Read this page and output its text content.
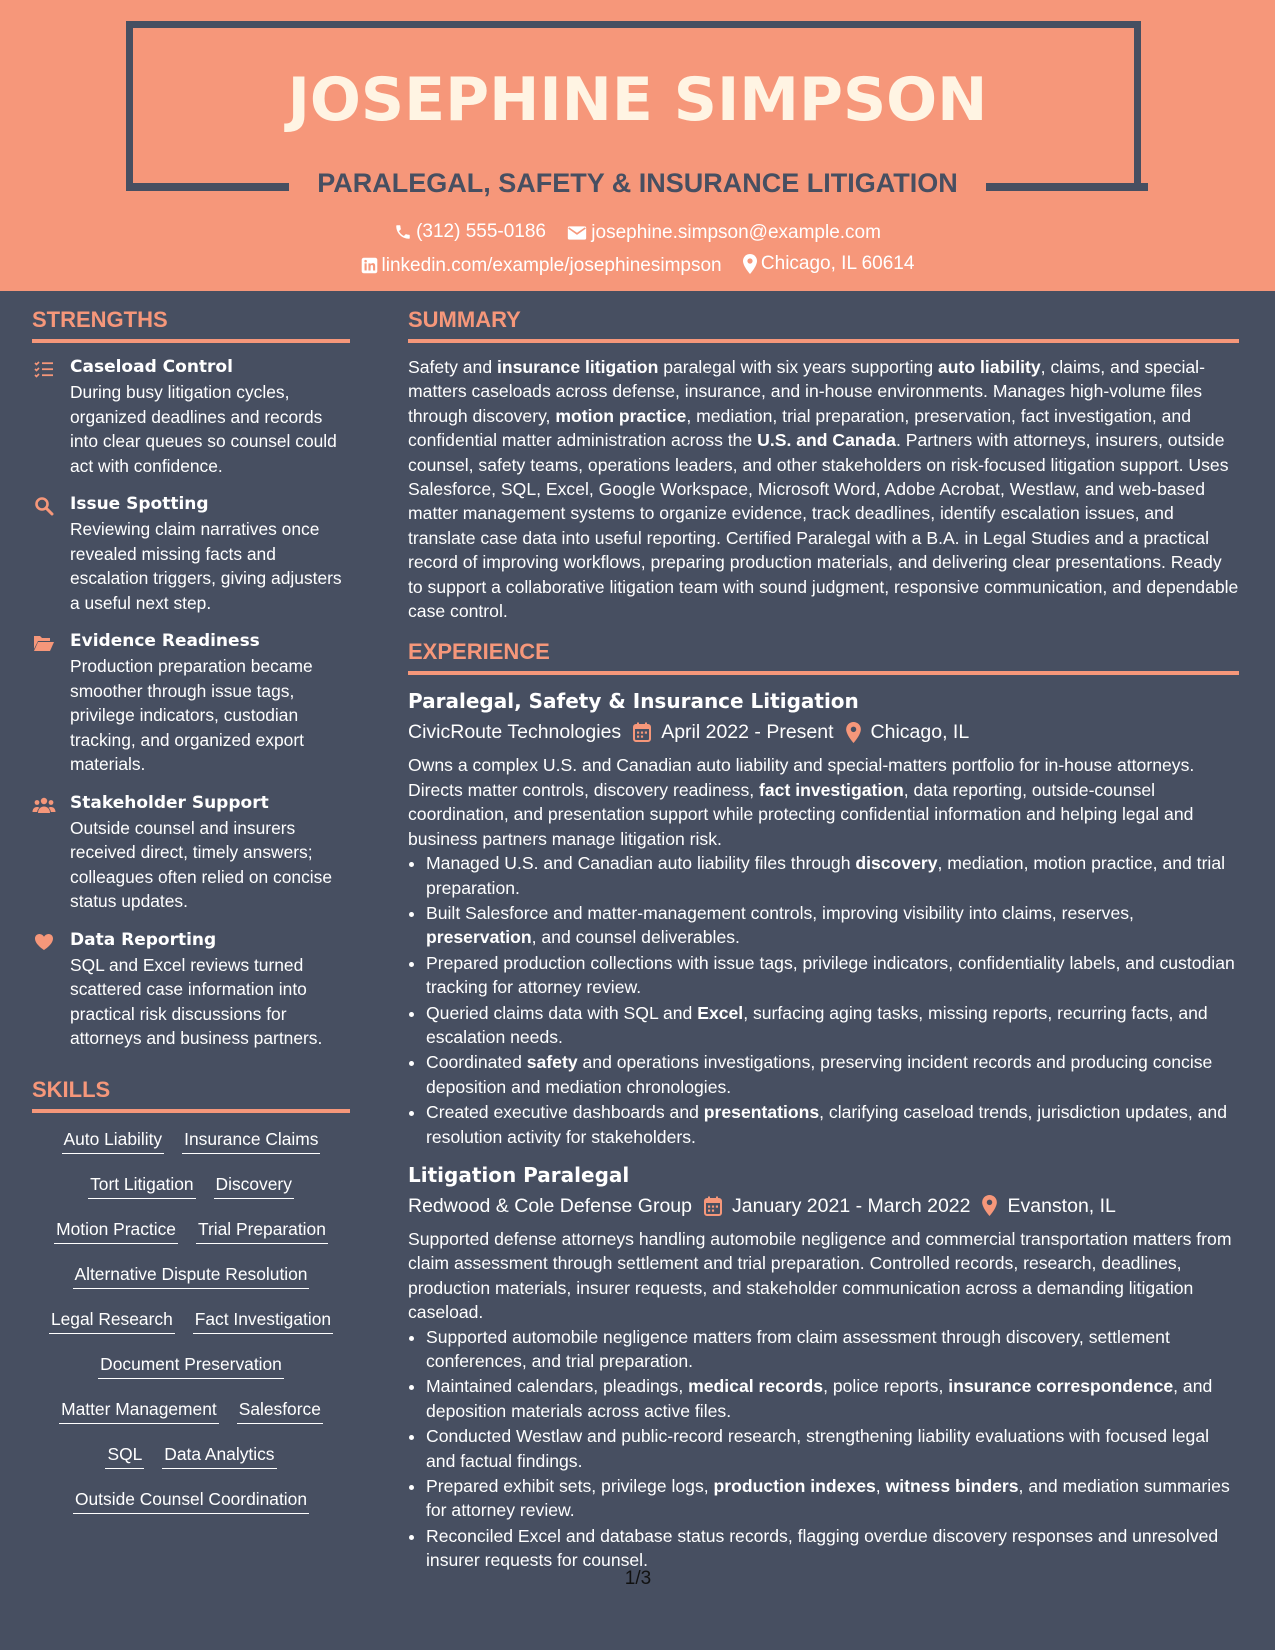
JOSEPHINE SIMPSON
PARALEGAL, SAFETY & INSURANCE LITIGATION
(312) 555-0186
josephine.simpson@example.com
linkedin.com/example/josephinesimpson
Chicago, IL 60614
STRENGTHS
Caseload Control
During busy litigation cycles, organized deadlines and records into clear queues so counsel could act with confidence.
Issue Spotting
Reviewing claim narratives once revealed missing facts and escalation triggers, giving adjusters a useful next step.
Evidence Readiness
Production preparation became smoother through issue tags, privilege indicators, custodian tracking, and organized export materials.
Stakeholder Support
Outside counsel and insurers received direct, timely answers; colleagues often relied on concise status updates.
Data Reporting
SQL and Excel reviews turned scattered case information into practical risk discussions for attorneys and business partners.
SKILLS
Auto Liability Insurance Claims
Tort Litigation Discovery
Motion Practice Trial Preparation
Alternative Dispute Resolution
Legal Research Fact Investigation
Document Preservation
Matter Management Salesforce
SQL Data Analytics
Outside Counsel Coordination
SUMMARY
Safety and insurance litigation paralegal with six years supporting auto liability, claims, and special-matters caseloads across defense, insurance, and in-house environments. Manages high-volume files through discovery, motion practice, mediation, trial preparation, preservation, fact investigation, and confidential matter administration across the U.S. and Canada. Partners with attorneys, insurers, outside counsel, safety teams, operations leaders, and other stakeholders on risk-focused litigation support. Uses Salesforce, SQL, Excel, Google Workspace, Microsoft Word, Adobe Acrobat, Westlaw, and web-based matter management systems to organize evidence, track deadlines, identify escalation issues, and translate case data into useful reporting. Certified Paralegal with a B.A. in Legal Studies and a practical record of improving workflows, preparing production materials, and delivering clear presentations. Ready to support a collaborative litigation team with sound judgment, responsive communication, and dependable case control.
EXPERIENCE
Paralegal, Safety & Insurance Litigation
CivicRoute Technologies April 2022 - Present Chicago, IL
Owns a complex U.S. and Canadian auto liability and special-matters portfolio for in-house attorneys. Directs matter controls, discovery readiness, fact investigation, data reporting, outside-counsel coordination, and presentation support while protecting confidential information and helping legal and business partners manage litigation risk.
• Managed U.S. and Canadian auto liability files through discovery, mediation, motion practice, and trial preparation.
• Built Salesforce and matter-management controls, improving visibility into claims, reserves, preservation, and counsel deliverables.
• Prepared production collections with issue tags, privilege indicators, confidentiality labels, and custodian tracking for attorney review.
• Queried claims data with SQL and Excel, surfacing aging tasks, missing reports, recurring facts, and escalation needs.
• Coordinated safety and operations investigations, preserving incident records and producing concise deposition and mediation chronologies.
• Created executive dashboards and presentations, clarifying caseload trends, jurisdiction updates, and resolution activity for stakeholders.
Litigation Paralegal
Redwood & Cole Defense Group January 2021 - March 2022 Evanston, IL
Supported defense attorneys handling automobile negligence and commercial transportation matters from claim assessment through settlement and trial preparation. Controlled records, research, deadlines, production materials, insurer requests, and stakeholder communication across a demanding litigation caseload.
• Supported automobile negligence matters from claim assessment through discovery, settlement conferences, and trial preparation.
• Maintained calendars, pleadings, medical records, police reports, insurance correspondence, and deposition materials across active files.
• Conducted Westlaw and public-record research, strengthening liability evaluations with focused legal and factual findings.
• Prepared exhibit sets, privilege logs, production indexes, witness binders, and mediation summaries for attorney review.
• Reconciled Excel and database status records, flagging overdue discovery responses and unresolved insurer requests for counsel.
1/3
